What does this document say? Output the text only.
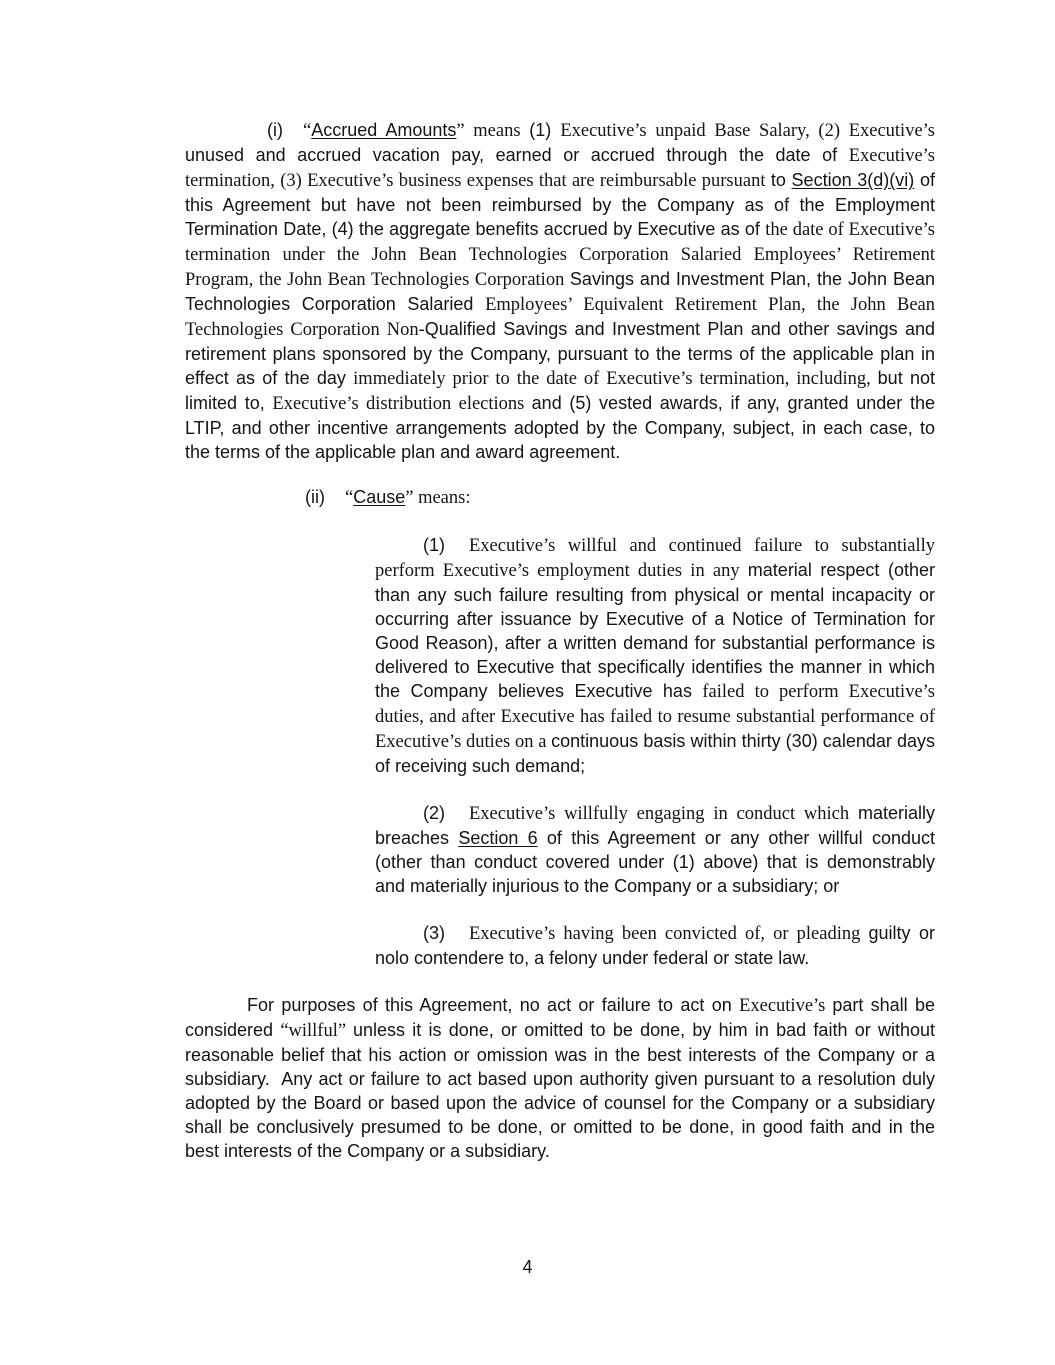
(i) “Accrued Amounts” means (1) Executive’s unpaid Base Salary, (2) Executive’s unused and accrued vacation pay, earned or accrued through the date of Executive’s termination, (3) Executive’s business expenses that are reimbursable pursuant to Section 3(d)(vi) of this Agreement but have not been reimbursed by the Company as of the Employment Termination Date, (4) the aggregate benefits accrued by Executive as of the date of Executive’s termination under the John Bean Technologies Corporation Salaried Employees’ Retirement Program, the John Bean Technologies Corporation Savings and Investment Plan, the John Bean Technologies Corporation Salaried Employees’ Equivalent Retirement Plan, the John Bean Technologies Corporation Non-Qualified Savings and Investment Plan and other savings and retirement plans sponsored by the Company, pursuant to the terms of the applicable plan in effect as of the day immediately prior to the date of Executive’s termination, including, but not limited to, Executive’s distribution elections and (5) vested awards, if any, granted under the LTIP, and other incentive arrangements adopted by the Company, subject, in each case, to the terms of the applicable plan and award agreement.

(ii) “Cause” means:

(1) Executive’s willful and continued failure to substantially perform Executive’s employment duties in any material respect (other than any such failure resulting from physical or mental incapacity or occurring after issuance by Executive of a Notice of Termination for Good Reason), after a written demand for substantial performance is delivered to Executive that specifically identifies the manner in which the Company believes Executive has failed to perform Executive’s duties, and after Executive has failed to resume substantial performance of Executive’s duties on a continuous basis within thirty (30) calendar days of receiving such demand;

(2) Executive’s willfully engaging in conduct which materially breaches Section 6 of this Agreement or any other willful conduct (other than conduct covered under (1) above) that is demonstrably and materially injurious to the Company or a subsidiary; or

(3) Executive’s having been convicted of, or pleading guilty or nolo contendere to, a felony under federal or state law.

For purposes of this Agreement, no act or failure to act on Executive’s part shall be considered “willful” unless it is done, or omitted to be done, by him in bad faith or without reasonable belief that his action or omission was in the best interests of the Company or a subsidiary.  Any act or failure to act based upon authority given pursuant to a resolution duly adopted by the Board or based upon the advice of counsel for the Company or a subsidiary shall be conclusively presumed to be done, or omitted to be done, in good faith and in the best interests of the Company or a subsidiary.

4
